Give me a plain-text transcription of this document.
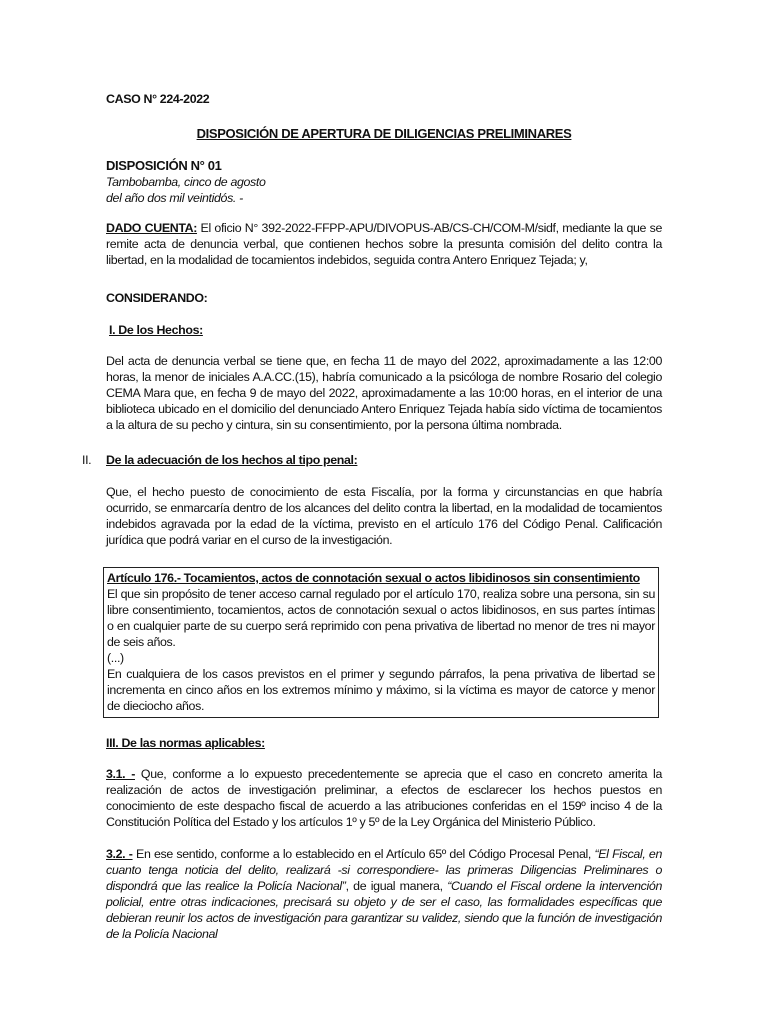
CASO N° 224-2022
DISPOSICIÓN DE APERTURA DE DILIGENCIAS PRELIMINARES
DISPOSICIÓN N° 01
Tambobamba, cinco de agosto
del año dos mil veintidós. -

DADO CUENTA: El oficio N° 392-2022-FFPP-APU/DIVOPUS-AB/CS-CH/COM-M/sidf, mediante la que se remite acta de denuncia verbal, que contienen hechos sobre la presunta comisión del delito contra la libertad, en la modalidad de tocamientos indebidos, seguida contra Antero Enriquez Tejada; y,

CONSIDERANDO:
I. De los Hechos:

Del acta de denuncia verbal se tiene que, en fecha 11 de mayo del 2022, aproximadamente a las 12:00 horas, la menor de iniciales A.A.CC.(15), habría comunicado a la psicóloga de nombre Rosario del colegio CEMA Mara que, en fecha 9 de mayo del 2022, aproximadamente a las 10:00 horas, en el interior de una biblioteca ubicado en el domicilio del denunciado Antero Enriquez Tejada había sido víctima de tocamientos a la altura de su pecho y cintura, sin su consentimiento, por la persona última nombrada.

II. De la adecuación de los hechos al tipo penal:

Que, el hecho puesto de conocimiento de esta Fiscalía, por la forma y circunstancias en que habría ocurrido, se enmarcaría dentro de los alcances del delito contra la libertad, en la modalidad de tocamientos indebidos agravada por la edad de la víctima, previsto en el artículo 176 del Código Penal. Calificación jurídica que podrá variar en el curso de la investigación.

Artículo 176.- Tocamientos, actos de connotación sexual o actos libidinosos sin consentimiento

El que sin propósito de tener acceso carnal regulado por el artículo 170, realiza sobre una persona, sin su libre consentimiento, tocamientos, actos de connotación sexual o actos libidinosos, en sus partes íntimas o en cualquier parte de su cuerpo será reprimido con pena privativa de libertad no menor de tres ni mayor de seis años.

(...)

En cualquiera de los casos previstos en el primer y segundo párrafos, la pena privativa de libertad se incrementa en cinco años en los extremos mínimo y máximo, si la víctima es mayor de catorce y menor de dieciocho años.

III. De las normas aplicables:

3.1. - Que, conforme a lo expuesto precedentemente se aprecia que el caso en concreto amerita la realización de actos de investigación preliminar, a efectos de esclarecer los hechos puestos en conocimiento de este despacho fiscal de acuerdo a las atribuciones conferidas en el 159º inciso 4 de la Constitución Política del Estado y los artículos 1º y 5º de la Ley Orgánica del Ministerio Público.

3.2. - En ese sentido, conforme a lo establecido en el Artículo 65º del Código Procesal Penal, “El Fiscal, en cuanto tenga noticia del delito, realizará -si correspondiere- las primeras Diligencias Preliminares o dispondrá que las realice la Policía Nacional”, de igual manera, “Cuando el Fiscal ordene la intervención policial, entre otras indicaciones, precisará su objeto y de ser el caso, las formalidades específicas que debieran reunir los actos de investigación para garantizar su validez, siendo que la función de investigación de la Policía Nacional
